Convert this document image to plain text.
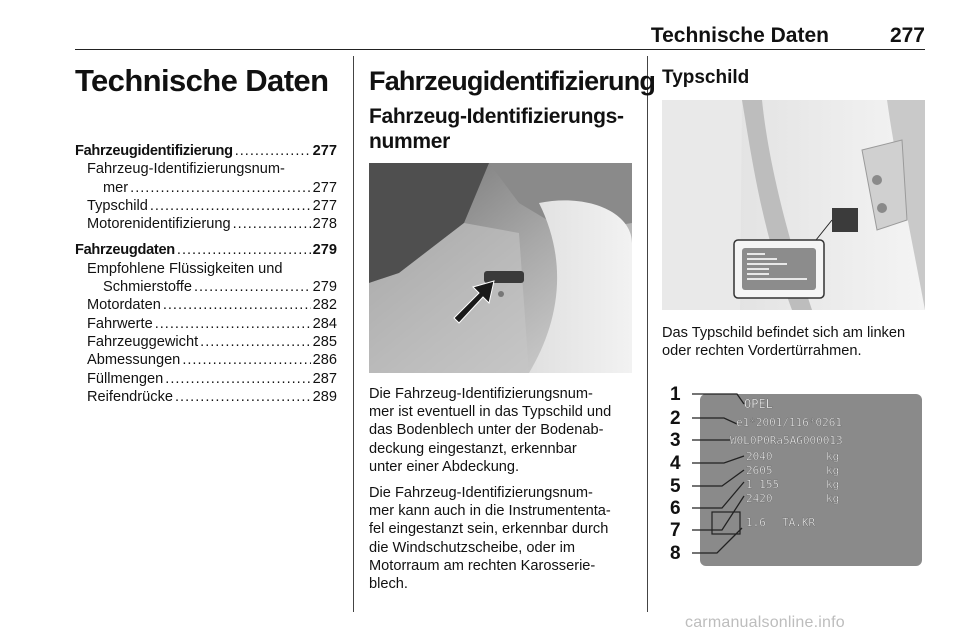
Technische Daten	277
Technische Daten
Fahrzeugidentifizierung .....	277
Fahrzeug-Identifizierungsnum-
mer .....	277
Typschild .....	277
Motorenidentifizierung .....	278
Fahrzeugdaten .....	279
Empfohlene Flüssigkeiten und
Schmierstoffe .....	279
Motordaten .....	282
Fahrwerte .....	284
Fahrzeuggewicht .....	285
Abmessungen .....	286
Füllmengen .....	287
Reifendrücke .....	289
Fahrzeugidentifizierung
Fahrzeug-Identifizierungs-
nummer
Die Fahrzeug-Identifizierungsnum-
mer ist eventuell in das Typschild und
das Bodenblech unter der Bodenab-
deckung eingestanzt, erkennbar
unter einer Abdeckung.
Die Fahrzeug-Identifizierungsnum-
mer kann auch in die Instrumententa-
fel eingestanzt sein, erkennbar durch
die Windschutzscheibe, oder im
Motorraum am rechten Karosserie-
blech.
Typschild
Das Typschild befindet sich am linken
oder rechten Vordertürrahmen.
1
2
3
4
5
6
7
8
OPEL
e1*2001/116*0261
W0L0P0Ra5AG000013
2040
2605
1 155
2420
kg
kg
kg
kg
1.6 TA.KR
carmanualsonline.info
